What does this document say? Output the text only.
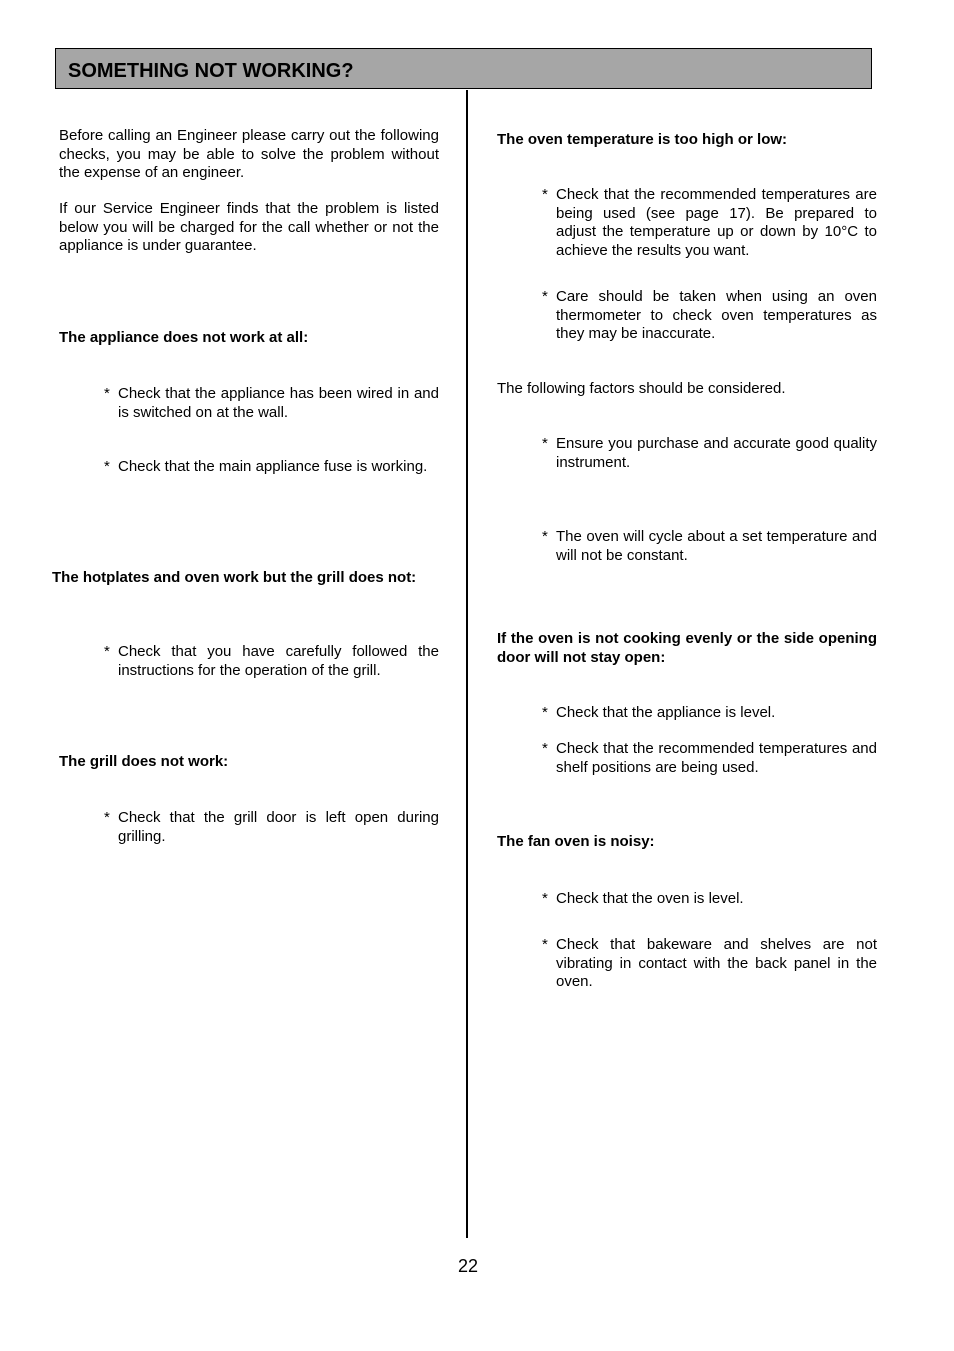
SOMETHING NOT WORKING?

Before calling an Engineer please carry out the following checks, you may be able to solve the problem without the expense of an engineer.

If our Service Engineer finds that the problem is listed below you will be charged for the call whether or not the appliance is under guarantee.

The appliance does not work at all:

* Check that the appliance has been wired in and is switched on at the wall.
* Check that the main appliance fuse is working.

The hotplates and oven work but the grill does not:

* Check that you have carefully followed the instructions for the operation of the grill.

The grill does not work:

* Check that the grill door is left open during grilling.

The oven temperature is too high or low:

* Check that the recommended temperatures are being used (see page 17). Be prepared to adjust the temperature up or down by 10°C to achieve the results you want.
* Care should be taken when using an oven thermometer to check oven temperatures as they may be inaccurate.

The following factors should be considered.

* Ensure you purchase and accurate good quality instrument.
* The oven will cycle about a set temperature and will not be constant.

If the oven is not cooking evenly or the side opening door will not stay open:

* Check that the appliance is level.
* Check that the recommended temperatures and shelf positions are being used.

The fan oven is noisy:

* Check that the oven is level.
* Check that bakeware and shelves are not vibrating in contact with the back panel in the oven.
22
